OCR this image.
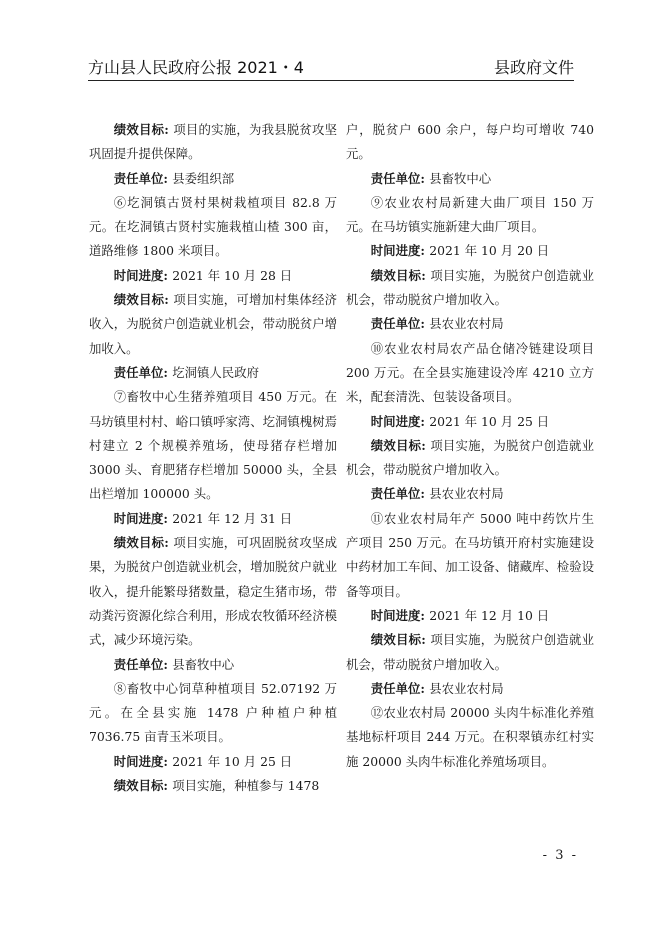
方山县人民政府公报 2021・4	县政府文件

绩效目标: 项目的实施，为我县脱贫攻坚巩固提升提供保障。

责任单位: 县委组织部

⑥圪洞镇古贤村果树栽植项目 82.8 万元。在圪洞镇古贤村实施栽植山楂 300 亩，道路维修 1800 米项目。

时间进度: 2021 年 10 月 28 日

绩效目标: 项目实施，可增加村集体经济收入，为脱贫户创造就业机会，带动脱贫户增加收入。

责任单位: 圪洞镇人民政府

⑦畜牧中心生猪养殖项目 450 万元。在马坊镇里村村、峪口镇呼家湾、圪洞镇槐树焉村建立 2 个规模养殖场，使母猪存栏增加 3000 头、育肥猪存栏增加 50000 头，全县出栏增加 100000 头。

时间进度: 2021 年 12 月 31 日

绩效目标: 项目实施，可巩固脱贫攻坚成果，为脱贫户创造就业机会，增加脱贫户就业收入，提升能繁母猪数量，稳定生猪市场，带动粪污资源化综合利用，形成农牧循环经济模式，减少环境污染。

责任单位: 县畜牧中心

⑧畜牧中心饲草种植项目 52.07192 万元。在全县实施 1478 户种植户种植 7036.75 亩青玉米项目。

时间进度: 2021 年 10 月 25 日

绩效目标: 项目实施，种植参与 1478

户，脱贫户 600 余户，每户均可增收 740 元。

责任单位: 县畜牧中心

⑨农业农村局新建大曲厂项目 150 万元。在马坊镇实施新建大曲厂项目。

时间进度: 2021 年 10 月 20 日

绩效目标: 项目实施，为脱贫户创造就业机会，带动脱贫户增加收入。

责任单位: 县农业农村局

⑩农业农村局农产品仓储冷链建设项目 200 万元。在全县实施建设冷库 4210 立方米，配套清洗、包装设备项目。

时间进度: 2021 年 10 月 25 日

绩效目标: 项目实施，为脱贫户创造就业机会，带动脱贫户增加收入。

责任单位: 县农业农村局

⑪农业农村局年产 5000 吨中药饮片生产项目 250 万元。在马坊镇开府村实施建设中药材加工车间、加工设备、储藏库、检验设备等项目。

时间进度: 2021 年 12 月 10 日

绩效目标: 项目实施，为脱贫户创造就业机会，带动脱贫户增加收入。

责任单位: 县农业农村局

⑫农业农村局 20000 头肉牛标准化养殖基地标杆项目 244 万元。在积翠镇赤红村实施 20000 头肉牛标准化养殖场项目。

- 3 -
